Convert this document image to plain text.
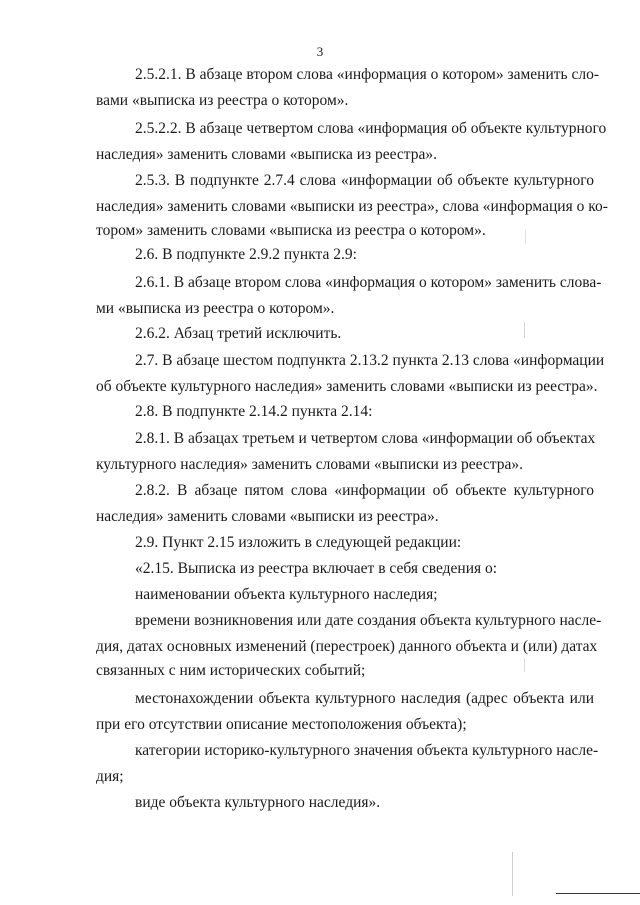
3
2.5.2.1. В абзаце втором слова «информация о котором» заменить сло-
вами «выписка из реестра о котором».
2.5.2.2. В абзаце четвертом слова «информация об объекте культурного
наследия» заменить словами «выписка из реестра».
2.5.3. В подпункте 2.7.4 слова «информации об объекте культурного
наследия» заменить словами «выписки из реестра», слова «информация о ко-
тором» заменить словами «выписка из реестра о котором».
2.6. В подпункте 2.9.2 пункта 2.9:
2.6.1. В абзаце втором слова «информация о котором» заменить слова-
ми «выписка из реестра о котором».
2.6.2. Абзац третий исключить.
2.7. В абзаце шестом подпункта 2.13.2 пункта 2.13 слова «информации
об объекте культурного наследия» заменить словами «выписки из реестра».
2.8. В подпункте 2.14.2 пункта 2.14:
2.8.1. В абзацах третьем и четвертом слова «информации об объектах
культурного наследия» заменить словами «выписки из реестра».
2.8.2. В абзаце пятом слова «информации об объекте культурного
наследия» заменить словами «выписки из реестра».
2.9. Пункт 2.15 изложить в следующей редакции:
«2.15. Выписка из реестра включает в себя сведения о:
наименовании объекта культурного наследия;
времени возникновения или дате создания объекта культурного насле-
дия, датах основных изменений (перестроек) данного объекта и (или) датах
связанных с ним исторических событий;
местонахождении объекта культурного наследия (адрес объекта или
при его отсутствии описание местоположения объекта);
категории историко-культурного значения объекта культурного насле-
дия;
виде объекта культурного наследия».
